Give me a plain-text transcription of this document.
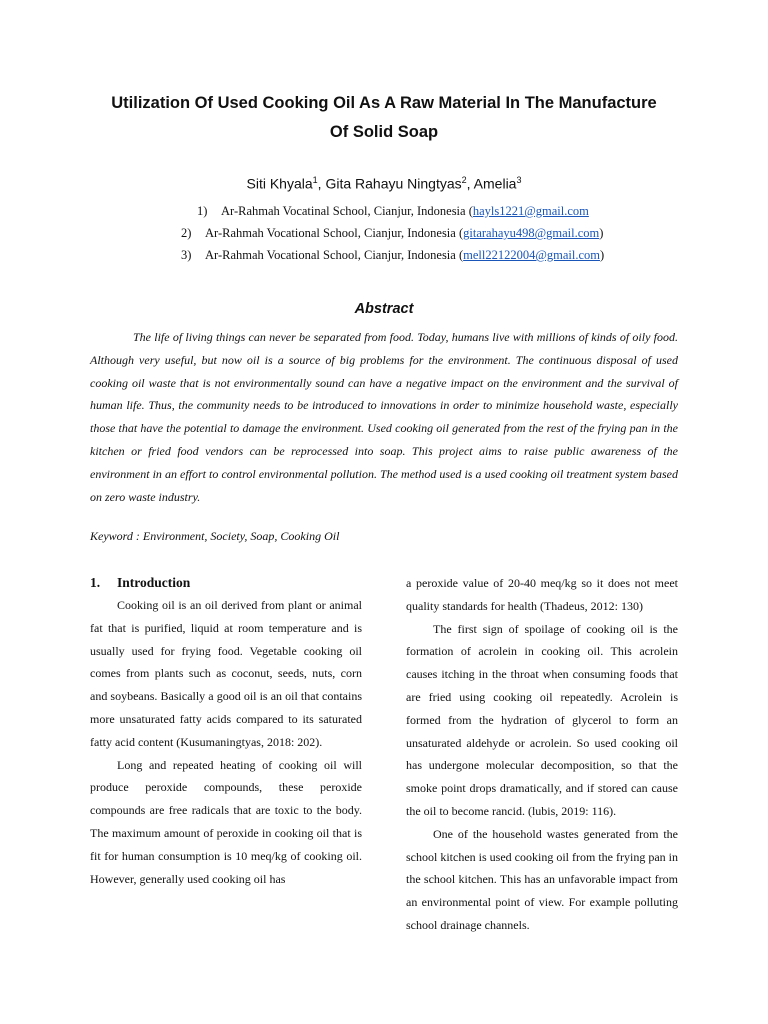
Utilization Of Used Cooking Oil As A Raw Material In The Manufacture
Of Solid Soap
Siti Khyala$^1$, Gita Rahayu Ningtyas$^2$, Amelia$^3$
1) Ar-Rahmah Vocatinal School, Cianjur, Indonesia (hayls1221@gmail.com
2) Ar-Rahmah Vocational School, Cianjur, Indonesia (gitarahayu498@gmail.com)
3) Ar-Rahmah Vocational School, Cianjur, Indonesia (mell22122004@gmail.com)
Abstract

The life of living things can never be separated from food. Today, humans live with millions of kinds of oily food. Although very useful, but now oil is a source of big problems for the environment. The continuous disposal of used cooking oil waste that is not environmentally sound can have a negative impact on the environment and the survival of human life. Thus, the community needs to be introduced to innovations in order to minimize household waste, especially those that have the potential to damage the environment. Used cooking oil generated from the rest of the frying pan in the kitchen or fried food vendors can be reprocessed into soap. This project aims to raise public awareness of the environment in an effort to control environmental pollution. The method used is a used cooking oil treatment system based on zero waste industry.

Keyword : Environment, Society, Soap, Cooking Oil
1.	Introduction

Cooking oil is an oil derived from plant or animal fat that is purified, liquid at room temperature and is usually used for frying food. Vegetable cooking oil comes from plants such as coconut, seeds, nuts, corn and soybeans. Basically a good oil is an oil that contains more unsaturated fatty acids compared to its saturated fatty acid content (Kusumaningtyas, 2018: 202).

Long and repeated heating of cooking oil will produce peroxide compounds, these peroxide compounds are free radicals that are toxic to the body. The maximum amount of peroxide in cooking oil that is fit for human consumption is 10 meq/kg of cooking oil. However, generally used cooking oil has

a peroxide value of 20-40 meq/kg so it does not meet quality standards for health (Thadeus, 2012: 130)

The first sign of spoilage of cooking oil is the formation of acrolein in cooking oil. This acrolein causes itching in the throat when consuming foods that are fried using cooking oil repeatedly. Acrolein is formed from the hydration of glycerol to form an unsaturated aldehyde or acrolein. So used cooking oil has undergone molecular decomposition, so that the smoke point drops dramatically, and if stored can cause the oil to become rancid. (lubis, 2019: 116).

One of the household wastes generated from the school kitchen is used cooking oil from the frying pan in the school kitchen. This has an unfavorable impact from an environmental point of view. For example polluting school drainage channels.
